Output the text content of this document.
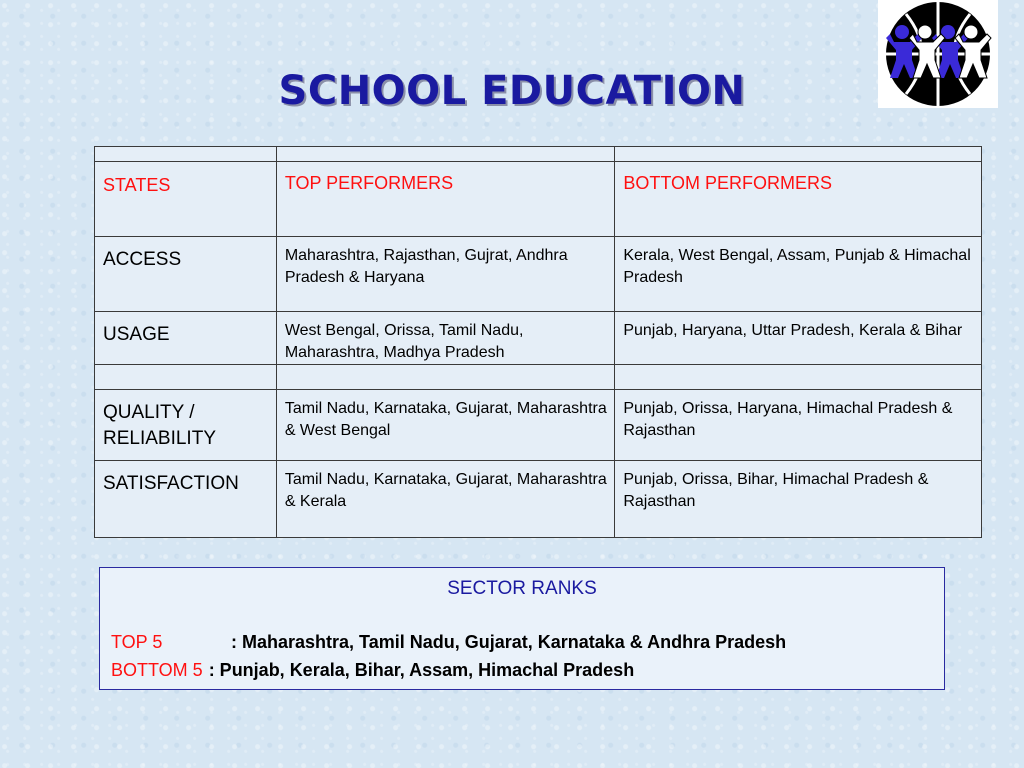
SCHOOL EDUCATION

STATES	TOP PERFORMERS	BOTTOM PERFORMERS
ACCESS	Maharashtra, Rajasthan, Gujrat, Andhra Pradesh & Haryana	Kerala, West Bengal, Assam, Punjab & Himachal Pradesh
USAGE	West Bengal, Orissa, Tamil Nadu, Maharashtra, Madhya Pradesh	Punjab, Haryana, Uttar Pradesh, Kerala & Bihar

QUALITY /
RELIABILITY	Tamil Nadu, Karnataka, Gujarat, Maharashtra & West Bengal	Punjab, Orissa, Haryana, Himachal Pradesh & Rajasthan
SATISFACTION	Tamil Nadu, Karnataka, Gujarat, Maharashtra & Kerala	Punjab, Orissa, Bihar, Himachal Pradesh & Rajasthan
SECTOR RANKS
TOP 5	: Maharashtra, Tamil Nadu, Gujarat, Karnataka & Andhra Pradesh
BOTTOM 5 : Punjab, Kerala, Bihar, Assam, Himachal Pradesh
